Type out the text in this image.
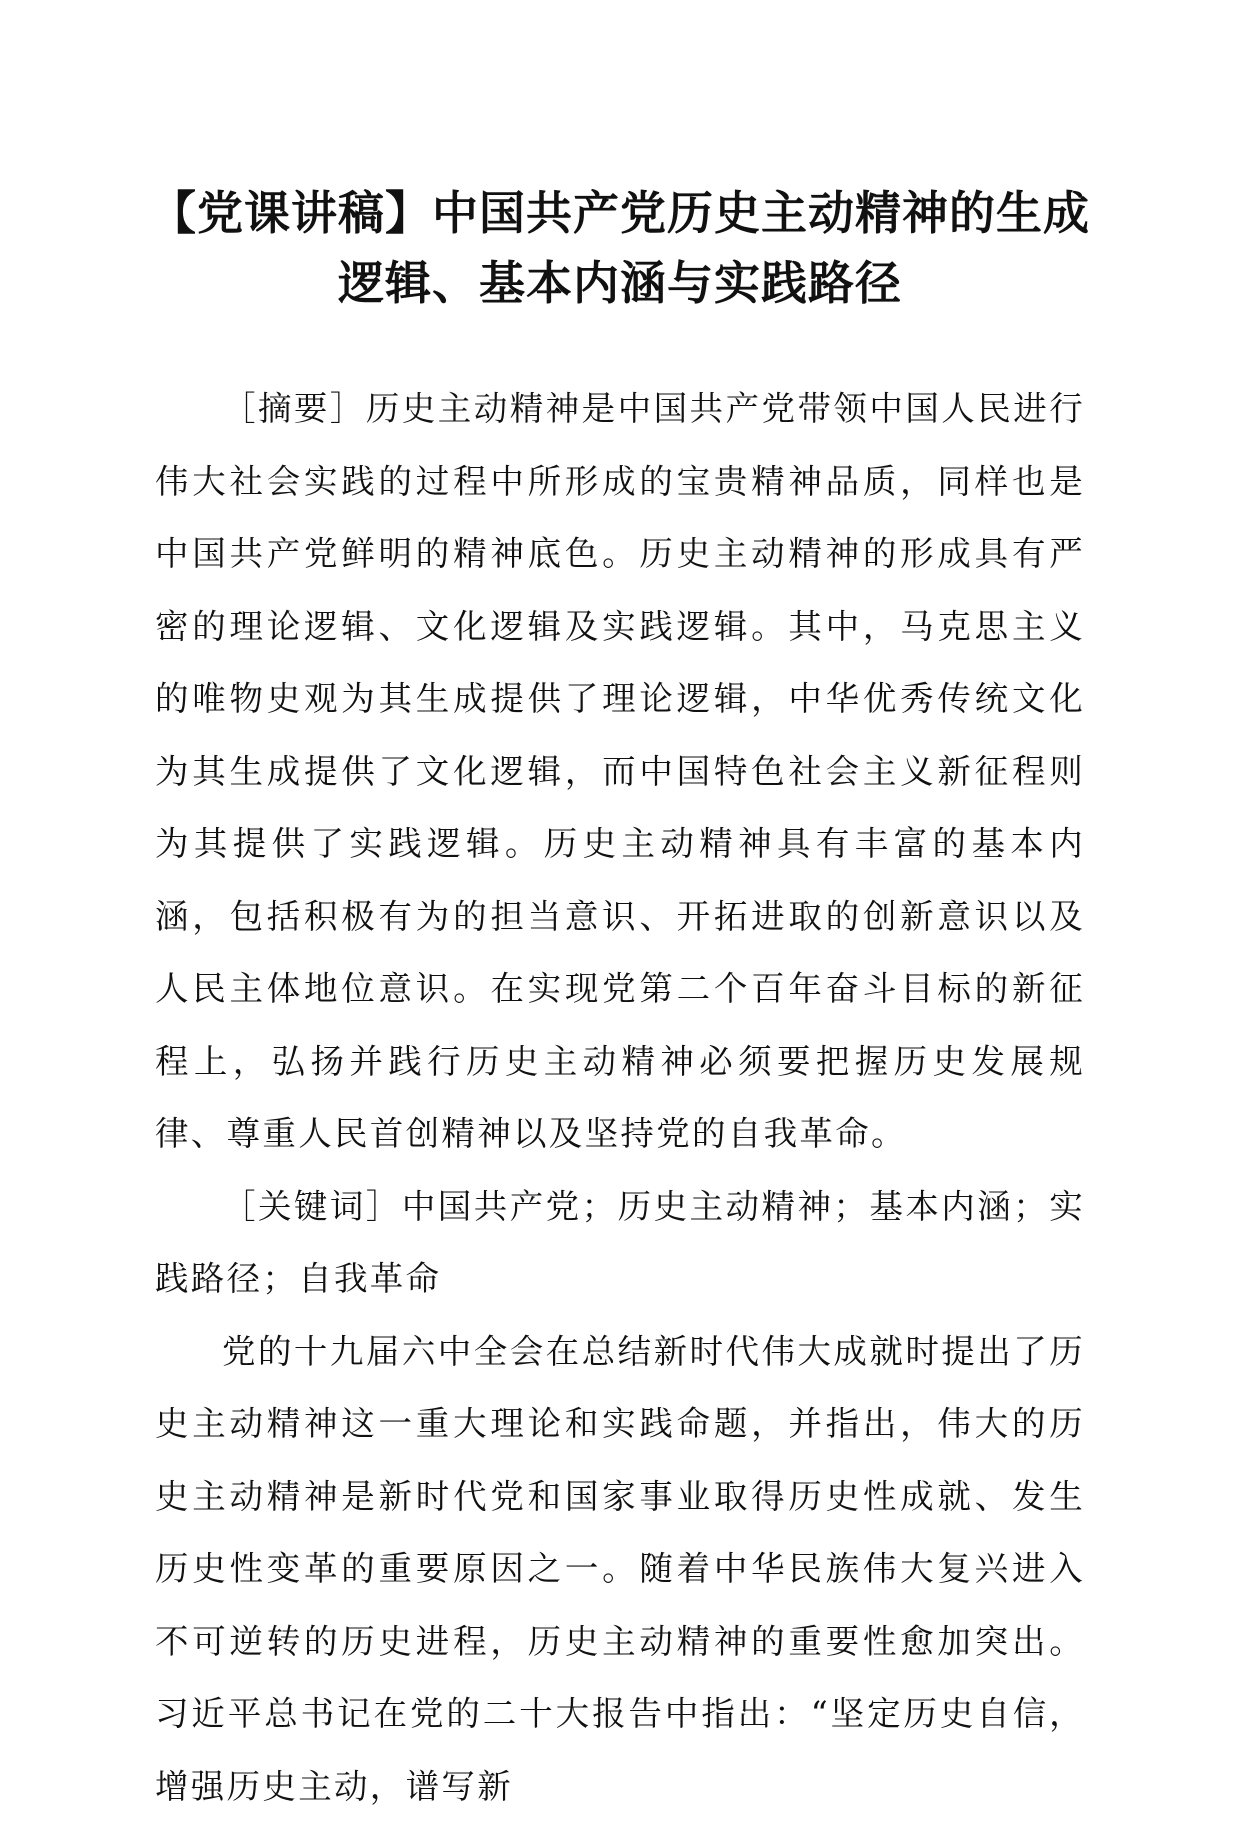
【党课讲稿】中国共产党历史主动精神的生成逻辑、基本内涵与实践路径

［摘要］历史主动精神是中国共产党带领中国人民进行伟大社会实践的过程中所形成的宝贵精神品质，同样也是中国共产党鲜明的精神底色。历史主动精神的形成具有严密的理论逻辑、文化逻辑及实践逻辑。其中，马克思主义的唯物史观为其生成提供了理论逻辑，中华优秀传统文化为其生成提供了文化逻辑，而中国特色社会主义新征程则为其提供了实践逻辑。历史主动精神具有丰富的基本内涵，包括积极有为的担当意识、开拓进取的创新意识以及人民主体地位意识。在实现党第二个百年奋斗目标的新征程上，弘扬并践行历史主动精神必须要把握历史发展规律、尊重人民首创精神以及坚持党的自我革命。

［关键词］中国共产党；历史主动精神；基本内涵；实践路径；自我革命

党的十九届六中全会在总结新时代伟大成就时提出了历史主动精神这一重大理论和实践命题，并指出，伟大的历史主动精神是新时代党和国家事业取得历史性成就、发生历史性变革的重要原因之一。随着中华民族伟大复兴进入不可逆转的历史进程，历史主动精神的重要性愈加突出。习近平总书记在党的二十大报告中指出：“坚定历史自信，增强历史主动，谱写新
